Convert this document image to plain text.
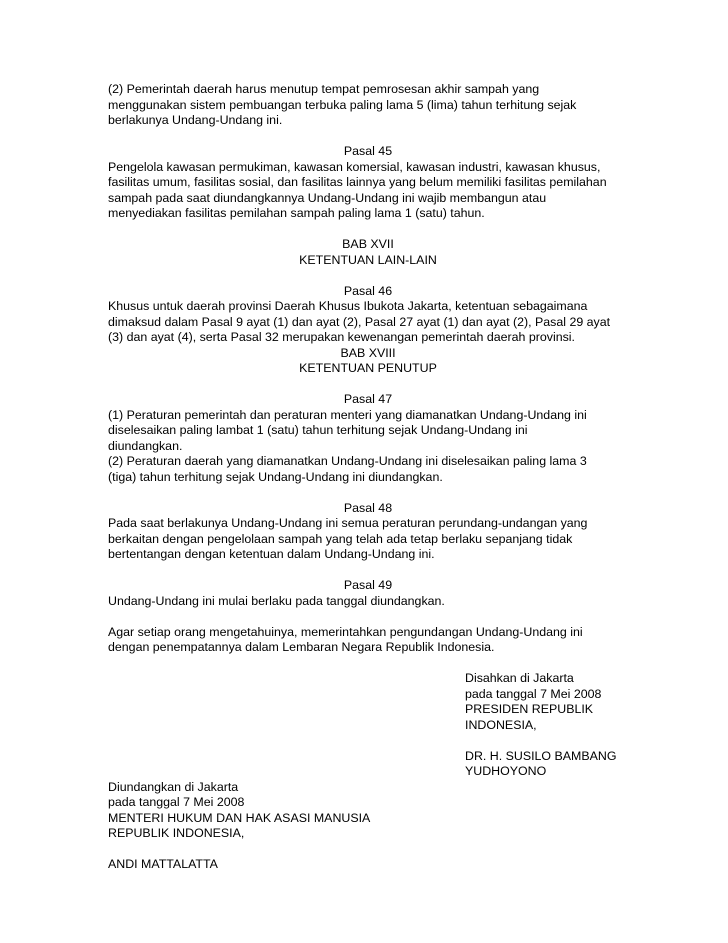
(2) Pemerintah daerah harus menutup tempat pemrosesan akhir sampah yang
menggunakan sistem pembuangan terbuka paling lama 5 (lima) tahun terhitung sejak
berlakunya Undang-Undang ini.
Pasal 45
Pengelola kawasan permukiman, kawasan komersial, kawasan industri, kawasan khusus,
fasilitas umum, fasilitas sosial, dan fasilitas lainnya yang belum memiliki fasilitas pemilahan
sampah pada saat diundangkannya Undang-Undang ini wajib membangun atau
menyediakan fasilitas pemilahan sampah paling lama 1 (satu) tahun.
BAB XVII
KETENTUAN LAIN-LAIN
Pasal 46
Khusus untuk daerah provinsi Daerah Khusus Ibukota Jakarta, ketentuan sebagaimana
dimaksud dalam Pasal 9 ayat (1) dan ayat (2), Pasal 27 ayat (1) dan ayat (2), Pasal 29 ayat
(3) dan ayat (4), serta Pasal 32 merupakan kewenangan pemerintah daerah provinsi.
BAB XVIII
KETENTUAN PENUTUP
Pasal 47
(1) Peraturan pemerintah dan peraturan menteri yang diamanatkan Undang-Undang ini
diselesaikan paling lambat 1 (satu) tahun terhitung sejak Undang-Undang ini
diundangkan.
(2) Peraturan daerah yang diamanatkan Undang-Undang ini diselesaikan paling lama 3
(tiga) tahun terhitung sejak Undang-Undang ini diundangkan.
Pasal 48
Pada saat berlakunya Undang-Undang ini semua peraturan perundang-undangan yang
berkaitan dengan pengelolaan sampah yang telah ada tetap berlaku sepanjang tidak
bertentangan dengan ketentuan dalam Undang-Undang ini.
Pasal 49
Undang-Undang ini mulai berlaku pada tanggal diundangkan.
Agar setiap orang mengetahuinya, memerintahkan pengundangan Undang-Undang ini
dengan penempatannya dalam Lembaran Negara Republik Indonesia.
Disahkan di Jakarta
pada tanggal 7 Mei 2008
PRESIDEN REPUBLIK
INDONESIA,
DR. H. SUSILO BAMBANG
YUDHOYONO
Diundangkan di Jakarta
pada tanggal 7 Mei 2008
MENTERI HUKUM DAN HAK ASASI MANUSIA
REPUBLIK INDONESIA,
ANDI MATTALATTA
